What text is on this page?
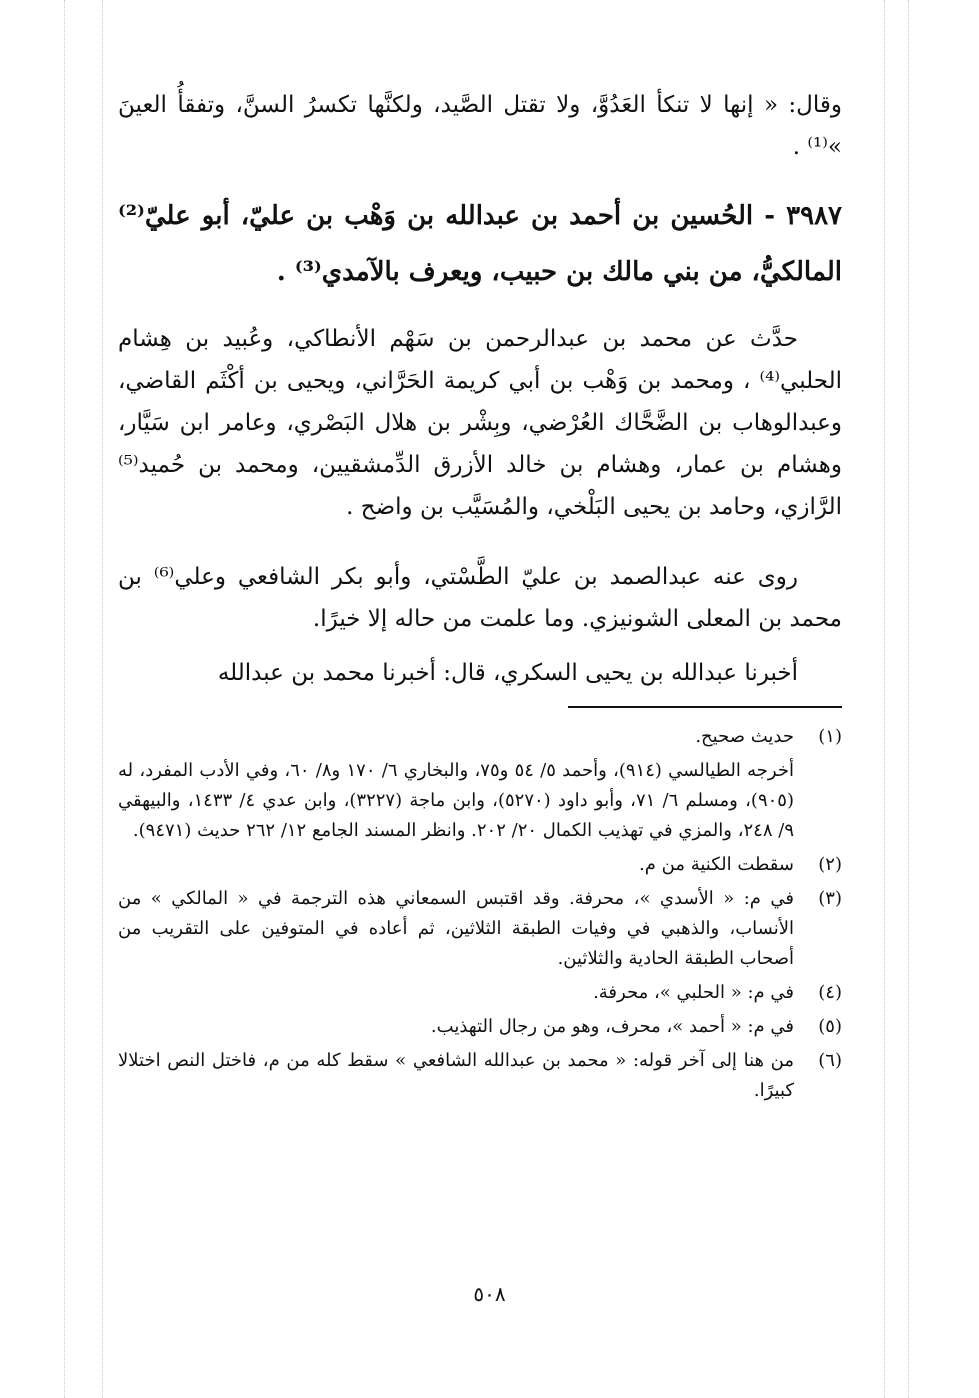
وقال: « إنها لا تنكأ العَدُوَّ، ولا تقتل الصَّيد، ولكنَّها تكسرُ السنَّ، وتفقأُ العينَ »⁽¹⁾ .

٣٩٨٧ - الحُسين بن أحمد بن عبدالله بن وَهْب بن عليّ، أبو عليّ⁽²⁾ المالكيُّ، من بني مالك بن حبيب، ويعرف بالآمدي⁽³⁾ .

حدَّث عن محمد بن عبدالرحمن بن سَهْم الأنطاكي، وعُبيد بن هِشام الحلبي⁽⁴⁾ ، ومحمد بن وَهْب بن أبي كريمة الحَرَّاني، ويحيى بن أكْثَم القاضي، وعبدالوهاب بن الضَّحَّاك العُرْضي، وبِشْر بن هلال البَصْري، وعامر ابن سَيَّار، وهشام بن عمار، وهشام بن خالد الأزرق الدِّمشقيين، ومحمد بن حُميد⁽⁵⁾ الرَّازي، وحامد بن يحيى البَلْخي، والمُسَيَّب بن واضح .

روى عنه عبدالصمد بن عليّ الطَّسْتي، وأبو بكر الشافعي وعلي⁽⁶⁾ بن محمد بن المعلى الشونيزي. وما علمت من حاله إلا خيرًا.

أخبرنا عبدالله بن يحيى السكري، قال: أخبرنا محمد بن عبدالله

(١)
حديث صحيح.
أخرجه الطيالسي (٩١٤)، وأحمد ٥/ ٥٤ و٧٥، والبخاري ٦/ ١٧٠ و٨/ ٦٠، وفي الأدب المفرد، له (٩٠٥)، ومسلم ٦/ ٧١، وأبو داود (٥٢٧٠)، وابن ماجة (٣٢٢٧)، وابن عدي ٤/ ١٤٣٣، والبيهقي ٩/ ٢٤٨، والمزي في تهذيب الكمال ٢٠/ ٢٠٢. وانظر المسند الجامع ١٢/ ٢٦٢ حديث (٩٤٧١).
(٢)
سقطت الكنية من م.
(٣)
في م: « الأسدي »، محرفة. وقد اقتبس السمعاني هذه الترجمة في « المالكي » من الأنساب، والذهبي في وفيات الطبقة الثلاثين، ثم أعاده في المتوفين على التقريب من أصحاب الطبقة الحادية والثلاثين.
(٤)
في م: « الحلبي »، محرفة.
(٥)
في م: « أحمد »، محرف، وهو من رجال التهذيب.
(٦)
من هنا إلى آخر قوله: « محمد بن عبدالله الشافعي » سقط كله من م، فاختل النص اختلالا كبيرًا.
٥٠٨
